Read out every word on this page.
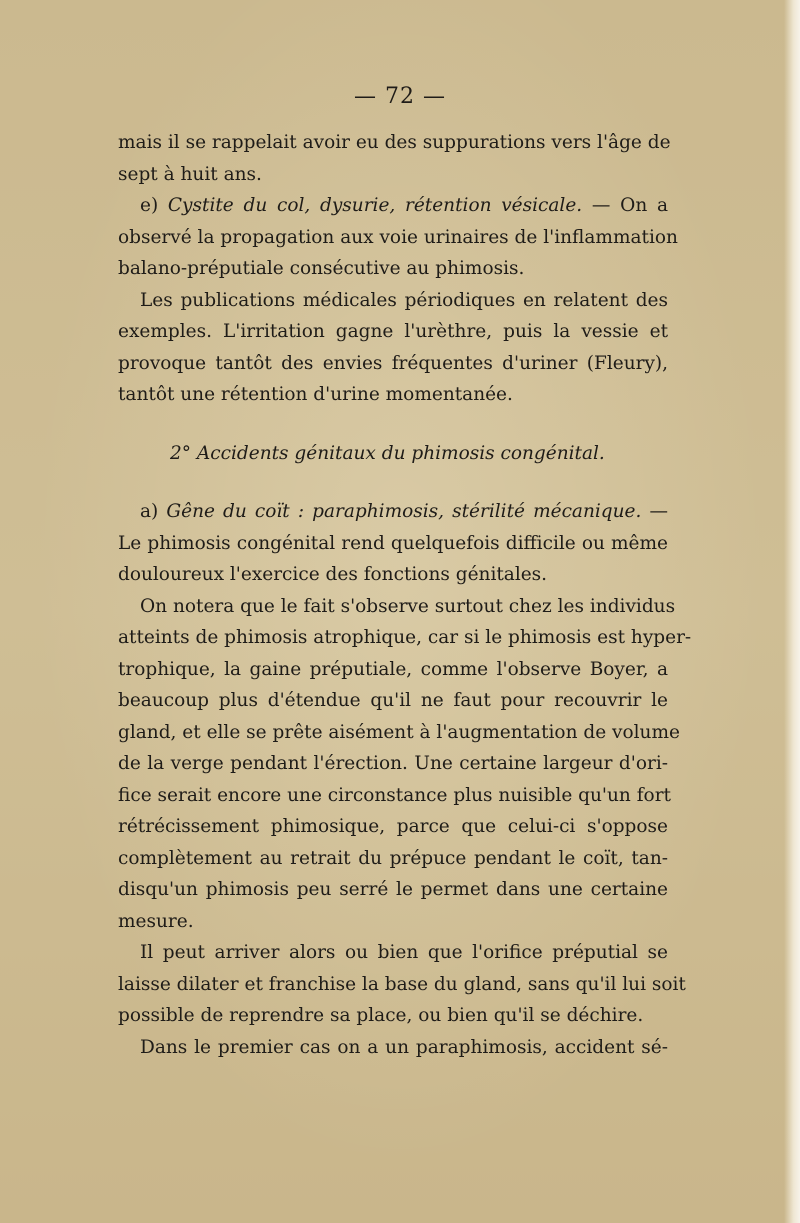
— 72 —
mais il se rappelait avoir eu des suppurations vers l'âge de
sept à huit ans.
e) Cystite du col, dysurie, rétention vésicale. — On a
observé la propagation aux voie urinaires de l'inflammation
balano-préputiale consécutive au phimosis.
Les publications médicales périodiques en relatent des
exemples. L'irritation gagne l'urèthre, puis la vessie et
provoque tantôt des envies fréquentes d'uriner (Fleury),
tantôt une rétention d'urine momentanée.
2° Accidents génitaux du phimosis congénital.
a) Gêne du coït : paraphimosis, stérilité mécanique. —
Le phimosis congénital rend quelquefois difficile ou même
douloureux l'exercice des fonctions génitales.
On notera que le fait s'observe surtout chez les individus
atteints de phimosis atrophique, car si le phimosis est hyper-
trophique, la gaine préputiale, comme l'observe Boyer, a
beaucoup plus d'étendue qu'il ne faut pour recouvrir le
gland, et elle se prête aisément à l'augmentation de volume
de la verge pendant l'érection. Une certaine largeur d'ori-
fice serait encore une circonstance plus nuisible qu'un fort
rétrécissement phimosique, parce que celui-ci s'oppose
complètement au retrait du prépuce pendant le coït, tan-
disqu'un phimosis peu serré le permet dans une certaine
mesure.
Il peut arriver alors ou bien que l'orifice préputial se
laisse dilater et franchise la base du gland, sans qu'il lui soit
possible de reprendre sa place, ou bien qu'il se déchire.
Dans le premier cas on a un paraphimosis, accident sé-
